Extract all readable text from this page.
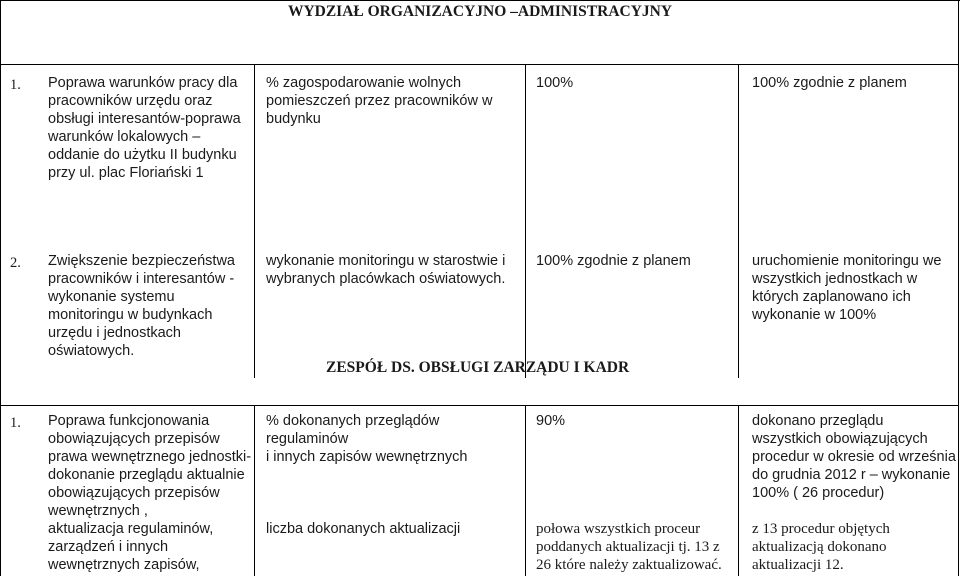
WYDZIAŁ ORGANIZACYJNO –ADMINISTRACYJNY
1. Poprawa warunków pracy dla
pracowników urzędu oraz
obsługi interesantów-poprawa
warunków lokalowych –
oddanie do użytku II budynku
przy ul. plac Floriański 1
% zagospodarowanie wolnych
pomieszczeń przez pracowników w
budynku
100%	100% zgodnie z planem
2. Zwiększenie bezpieczeństwa
pracowników i interesantów -
wykonanie systemu
monitoringu w budynkach
urzędu i jednostkach
oświatowych.
wykonanie monitoringu w starostwie i
wybranych placówkach oświatowych.
100% zgodnie z planem	uruchomienie monitoringu we
wszystkich jednostkach w
których zaplanowano ich
wykonanie w 100%
ZESPÓŁ DS. OBSŁUGI ZARZĄDU I KADR
1. Poprawa funkcjonowania
obowiązujących przepisów
prawa wewnętrznego jednostki-
dokonanie przeglądu aktualnie
obowiązujących przepisów
wewnętrznych ,
aktualizacja regulaminów,
zarządzeń i innych
wewnętrznych zapisów,
% dokonanych przeglądów regulaminów
i innych zapisów wewnętrznych
liczba dokonanych aktualizacji
90%
połowa wszystkich proceur
poddanych aktualizacji tj. 13 z
26 które należy zaktualizować.
dokonano przeglądu
wszystkich obowiązujących
procedur w okresie od września
do grudnia 2012 r – wykonanie
100% ( 26 procedur)
z 13 procedur objętych
aktualizacją dokonano
aktualizacji 12.
